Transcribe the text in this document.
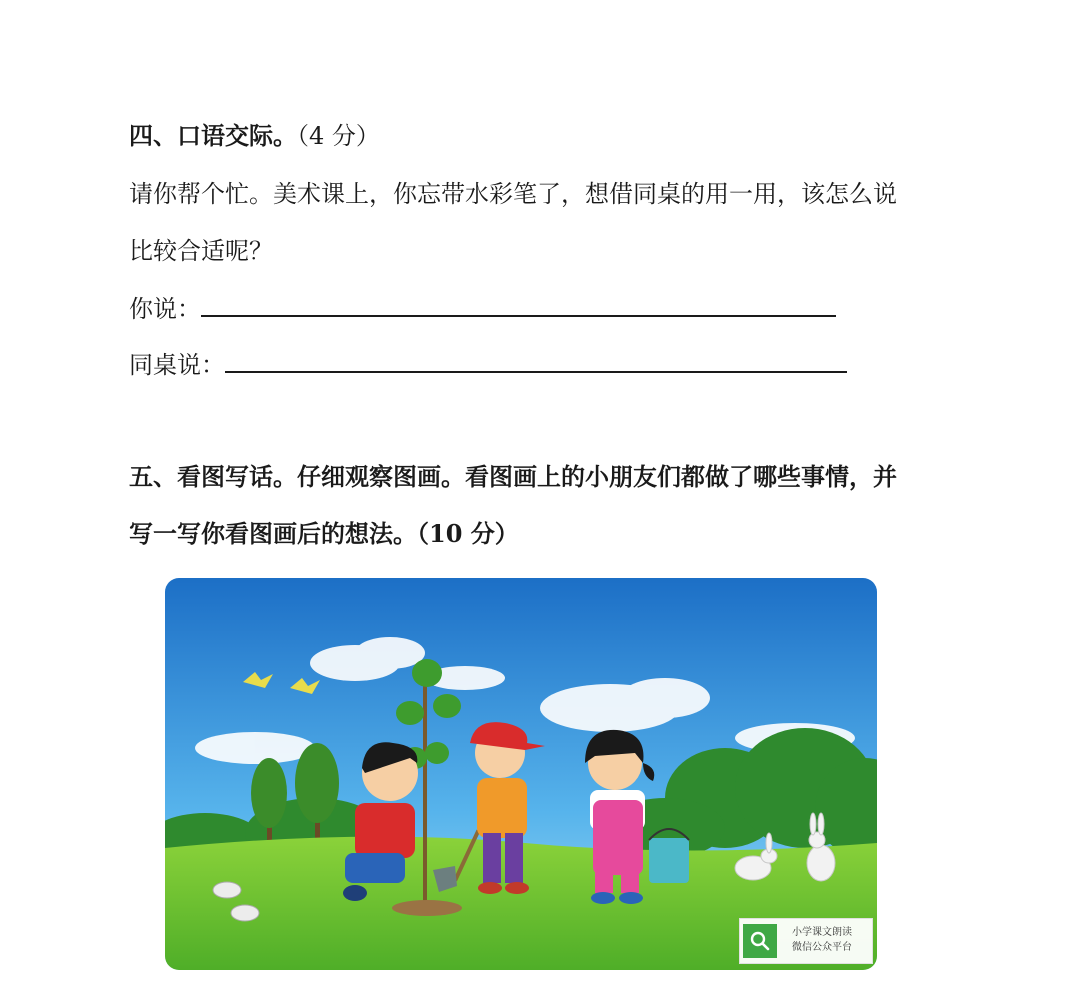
四、口语交际。（4 分）
请你帮个忙。美术课上，你忘带水彩笔了，想借同桌的用一用，该怎么说
比较合适呢？
你说：
同桌说：
五、看图写话。仔细观察图画。看图画上的小朋友们都做了哪些事情，并
写一写你看图画后的想法。（10 分）
小学课文朗读
微信公众平台
